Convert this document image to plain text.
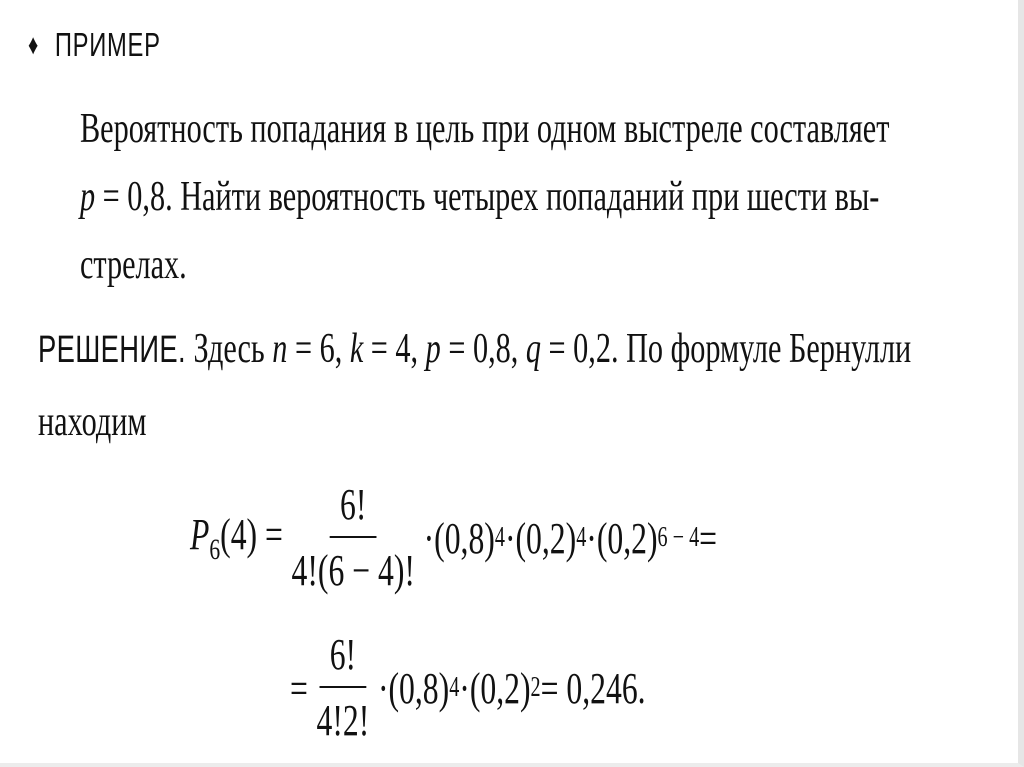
♦ ПРИМЕР
Вероятность попадания в цель при одном выстреле составляет
p = 0,8. Найти вероятность четырех попаданий при шести вы-
стрелах.
РЕШЕНИЕ. Здесь n = 6, k = 4, p = 0,8, q = 0,2. По формуле Бернулли
находим
$P_6(4) = \frac{6!}{4!(6 - 4)!} \cdot(0,8)$ 4 ·(0,2) 4 ·(0,2) 6 − 4 =
= $\frac{6!}{4!2!} \cdot(0,8)$ 4 ·(0,2) 2 = 0,246.
